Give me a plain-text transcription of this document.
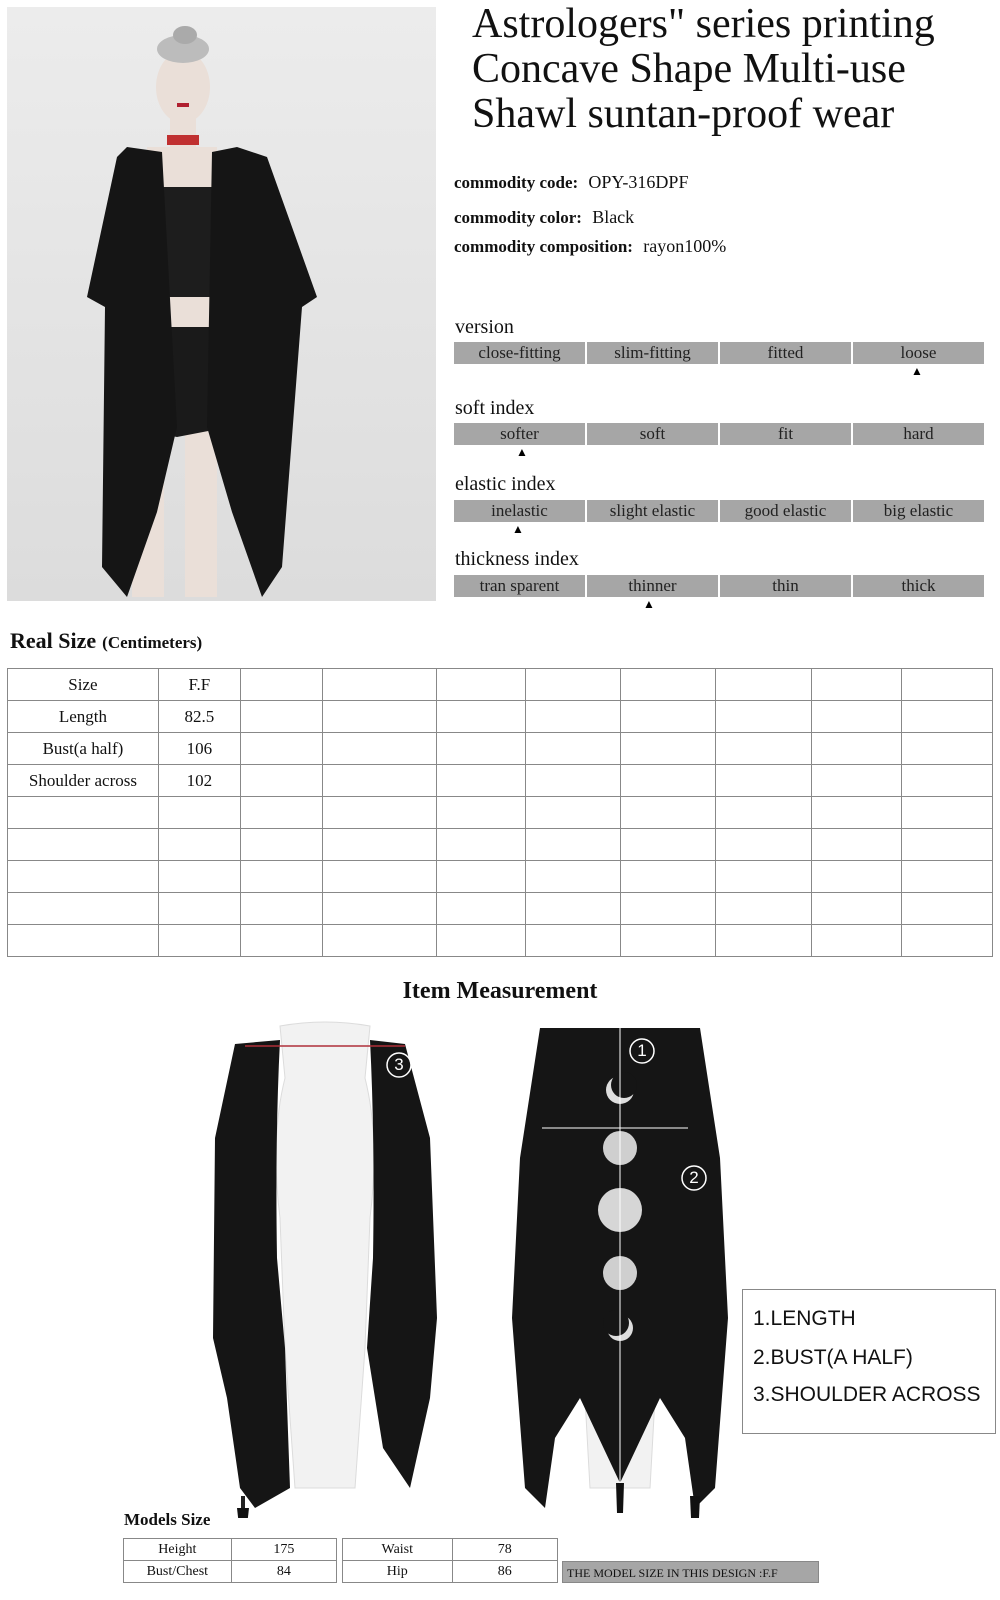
Astrologers" series printing Concave Shape Multi-use Shawl suntan-proof wear
commodity code: OPY-316DPF
commodity color: Black
commodity composition: rayon100%
version
close-fitting	slim-fitting	fitted	loose
▲
soft index
softer	soft	fit	hard
▲
elastic index
inelastic	slight elastic	good elastic	big elastic
▲
thickness index
tran sparent	thinner	thin	thick
▲
Real Size (Centimeters)
Size	F.F								
Length	82.5								
Bust(a half)	106								
Shoulder across	102								

Item Measurement
3
1
2
1.LENGTH
2.BUST(A HALF)
3.SHOULDER ACROSS
Models Size
Height	175
Bust/Chest	84
Waist	78
Hip	86	THE MODEL SIZE IN THIS DESIGN :F.F
